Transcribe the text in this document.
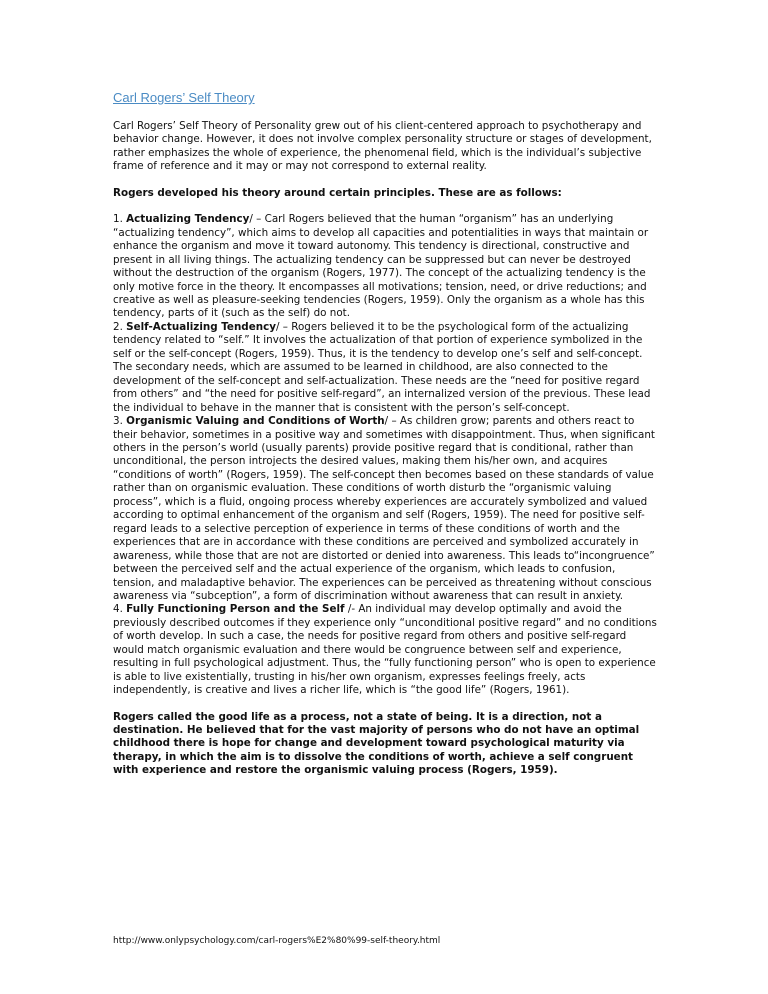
Carl Rogers’ Self Theory

Carl Rogers’ Self Theory of Personality grew out of his client-centered approach to psychotherapy and behavior change. However, it does not involve complex personality structure or stages of development, rather emphasizes the whole of experience, the phenomenal field, which is the individual’s subjective frame of reference and it may or may not correspond to external reality.

Rogers developed his theory around certain principles. These are as follows:

1. Actualizing Tendency/ – Carl Rogers believed that the human “organism” has an underlying “actualizing tendency”, which aims to develop all capacities and potentialities in ways that maintain or enhance the organism and move it toward autonomy. This tendency is directional, constructive and present in all living things. The actualizing tendency can be suppressed but can never be destroyed without the destruction of the organism (Rogers, 1977). The concept of the actualizing tendency is the only motive force in the theory. It encompasses all motivations; tension, need, or drive reductions; and creative as well as pleasure-seeking tendencies (Rogers, 1959). Only the organism as a whole has this tendency, parts of it (such as the self) do not.

2. Self-Actualizing Tendency/ – Rogers believed it to be the psychological form of the actualizing tendency related to “self.” It involves the actualization of that portion of experience symbolized in the self or the self-concept (Rogers, 1959). Thus, it is the tendency to develop one’s self and self-concept. The secondary needs, which are assumed to be learned in childhood, are also connected to the development of the self-concept and self-actualization. These needs are the “need for positive regard from others” and “the need for positive self-regard”, an internalized version of the previous. These lead the individual to behave in the manner that is consistent with the person’s self-concept.

3. Organismic Valuing and Conditions of Worth/ – As children grow; parents and others react to their behavior, sometimes in a positive way and sometimes with disappointment. Thus, when significant others in the person’s world (usually parents) provide positive regard that is conditional, rather than unconditional, the person introjects the desired values, making them his/her own, and acquires “conditions of worth” (Rogers, 1959). The self-concept then becomes based on these standards of value rather than on organismic evaluation. These conditions of worth disturb the “organismic valuing process”, which is a fluid, ongoing process whereby experiences are accurately symbolized and valued according to optimal enhancement of the organism and self (Rogers, 1959). The need for positive self-regard leads to a selective perception of experience in terms of these conditions of worth and the experiences that are in accordance with these conditions are perceived and symbolized accurately in awareness, while those that are not are distorted or denied into awareness. This leads to“incongruence” between the perceived self and the actual experience of the organism, which leads to confusion, tension, and maladaptive behavior. The experiences can be perceived as threatening without conscious awareness via “subception”, a form of discrimination without awareness that can result in anxiety.

4. Fully Functioning Person and the Self /- An individual may develop optimally and avoid the previously described outcomes if they experience only “unconditional positive regard” and no conditions of worth develop. In such a case, the needs for positive regard from others and positive self-regard would match organismic evaluation and there would be congruence between self and experience, resulting in full psychological adjustment. Thus, the “fully functioning person” who is open to experience is able to live existentially, trusting in his/her own organism, expresses feelings freely, acts independently, is creative and lives a richer life, which is “the good life” (Rogers, 1961).

Rogers called the good life as a process, not a state of being. It is a direction, not a destination. He believed that for the vast majority of persons who do not have an optimal childhood there is hope for change and development toward psychological maturity via therapy, in which the aim is to dissolve the conditions of worth, achieve a self congruent with experience and restore the organismic valuing process (Rogers, 1959).

http://www.onlypsychology.com/carl-rogers%E2%80%99-self-theory.html
